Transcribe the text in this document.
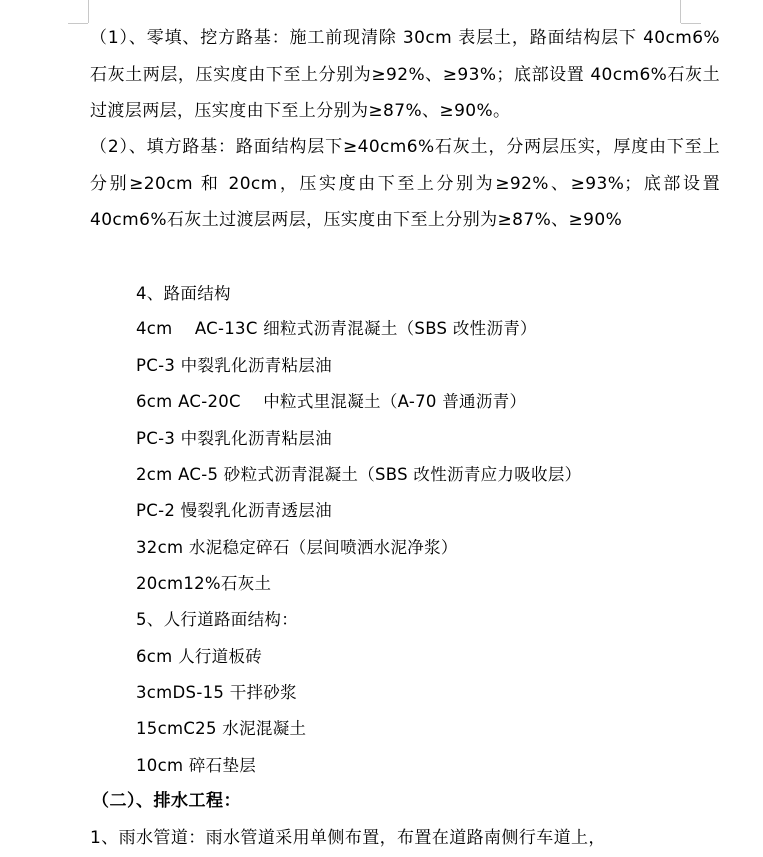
（1）、零填、挖方路基：施工前现清除 30cm 表层土，路面结构层下 40cm6%石灰土两层，压实度由下至上分别为≥92%、≥93%；底部设置 40cm6%石灰土过渡层两层，压实度由下至上分别为≥87%、≥90%。

（2）、填方路基：路面结构层下≥40cm6%石灰土，分两层压实，厚度由下至上分别≥20cm 和 20cm，压实度由下至上分别为≥92%、≥93%；底部设置 40cm6%石灰土过渡层两层，压实度由下至上分别为≥87%、≥90%

4、路面结构
4cm　 AC-13C 细粒式沥青混凝土（SBS 改性沥青）
PC-3 中裂乳化沥青粘层油
6cm AC-20C　 中粒式里混凝土（A-70 普通沥青）
PC-3 中裂乳化沥青粘层油
2cm AC-5 砂粒式沥青混凝土（SBS 改性沥青应力吸收层）
PC-2 慢裂乳化沥青透层油
32cm 水泥稳定碎石（层间喷洒水泥净浆）
20cm12%石灰土
5、人行道路面结构：
6cm 人行道板砖
3cmDS-15 干拌砂浆
15cmC25 水泥混凝土
10cm 碎石垫层
（二）、排水工程：
1、雨水管道：雨水管道采用单侧布置，布置在道路南侧行车道上，
